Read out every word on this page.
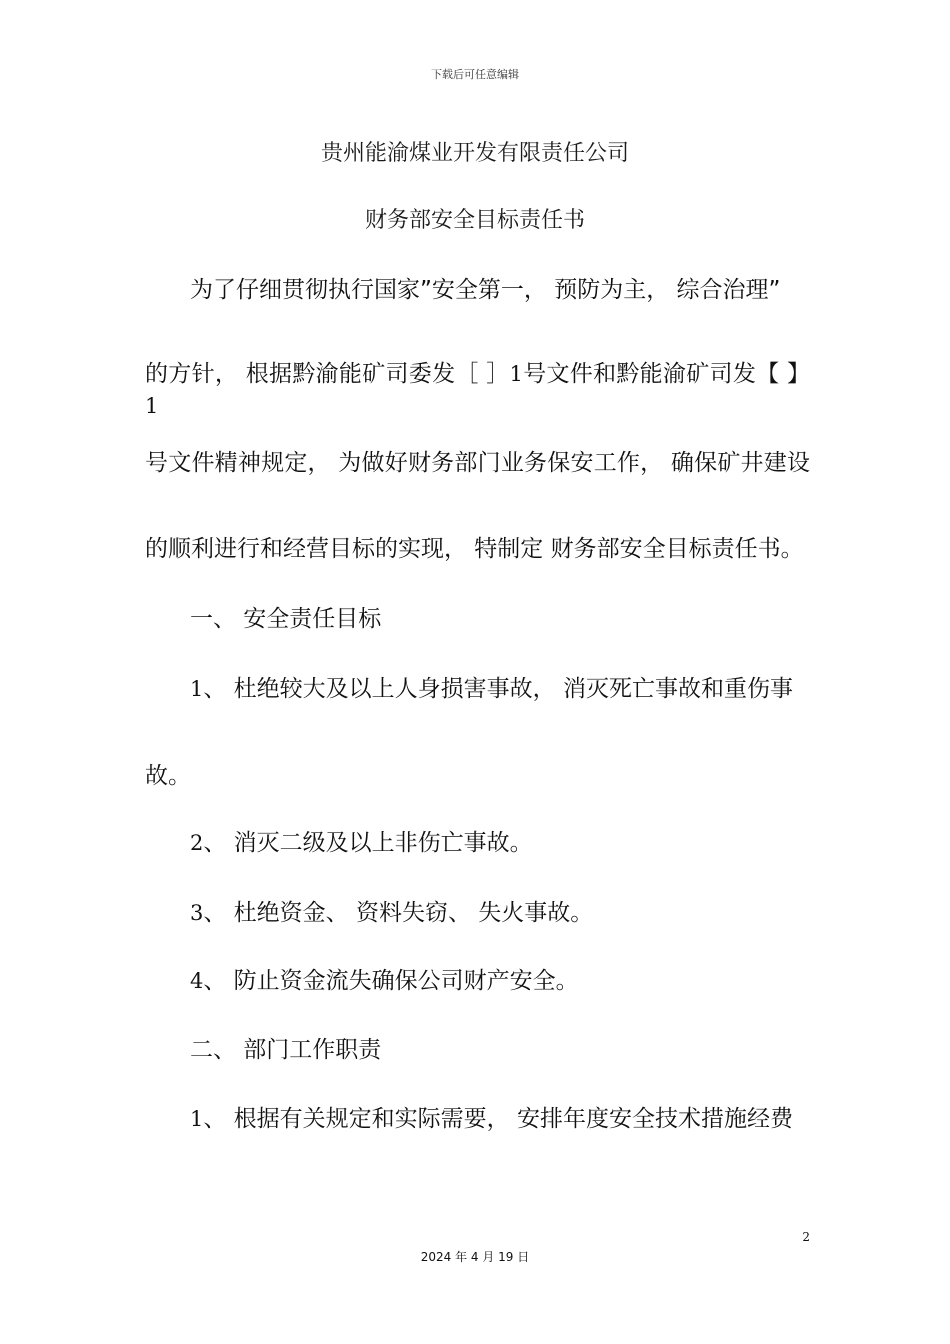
下载后可任意编辑
贵州能渝煤业开发有限责任公司
财务部安全目标责任书
为了仔细贯彻执行国家”安全第一， 预防为主， 综合治理”
的方针， 根据黔渝能矿司委发［ ］1号文件和黔能渝矿司发【 】1
号文件精神规定， 为做好财务部门业务保安工作， 确保矿井建设
的顺利进行和经营目标的实现， 特制定 财务部安全目标责任书。
一、 安全责任目标
1、 杜绝较大及以上人身损害事故， 消灭死亡事故和重伤事
故。
2、 消灭二级及以上非伤亡事故。
3、 杜绝资金、 资料失窃、 失火事故。
4、 防止资金流失确保公司财产安全。
二、 部门工作职责
1、 根据有关规定和实际需要， 安排年度安全技术措施经费
2
2024 年 4 月 19 日
